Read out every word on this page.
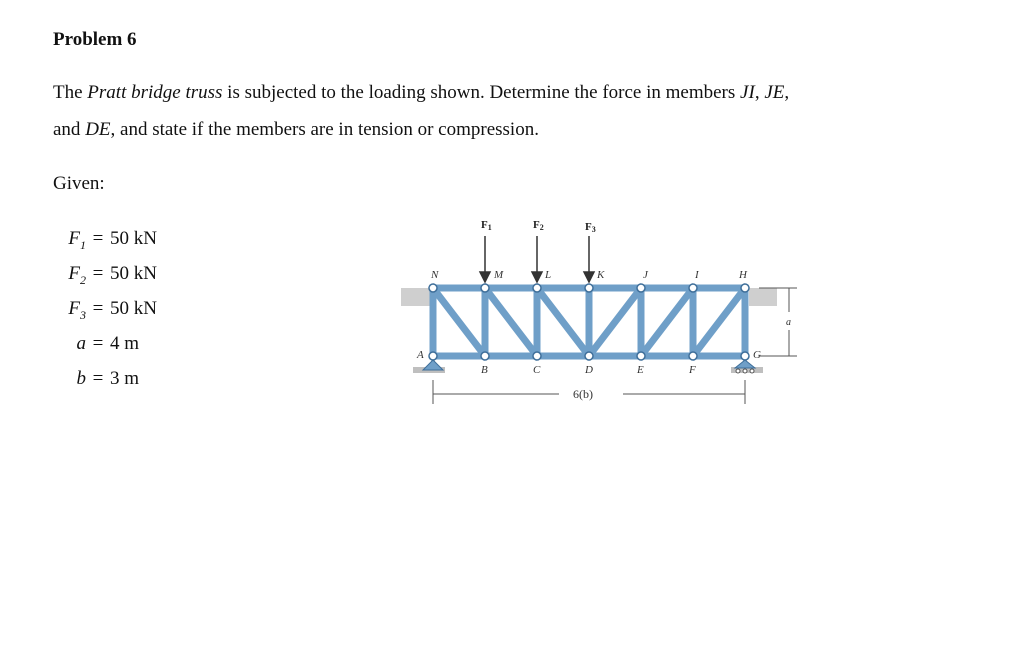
Problem 6
The Pratt bridge truss is subjected to the loading shown. Determine the force in members JI, JE,
and DE, and state if the members are in tension or compression.
Given:
$F_1 = 50$ kN
$F_2 = 50$ kN
$F_3 = 50$ kN
a = 4 m
b = 3 m
F1	F2	F3
N	M	L	K	J	I	H
A
B	C	D	E	F
G
6(b)
a
